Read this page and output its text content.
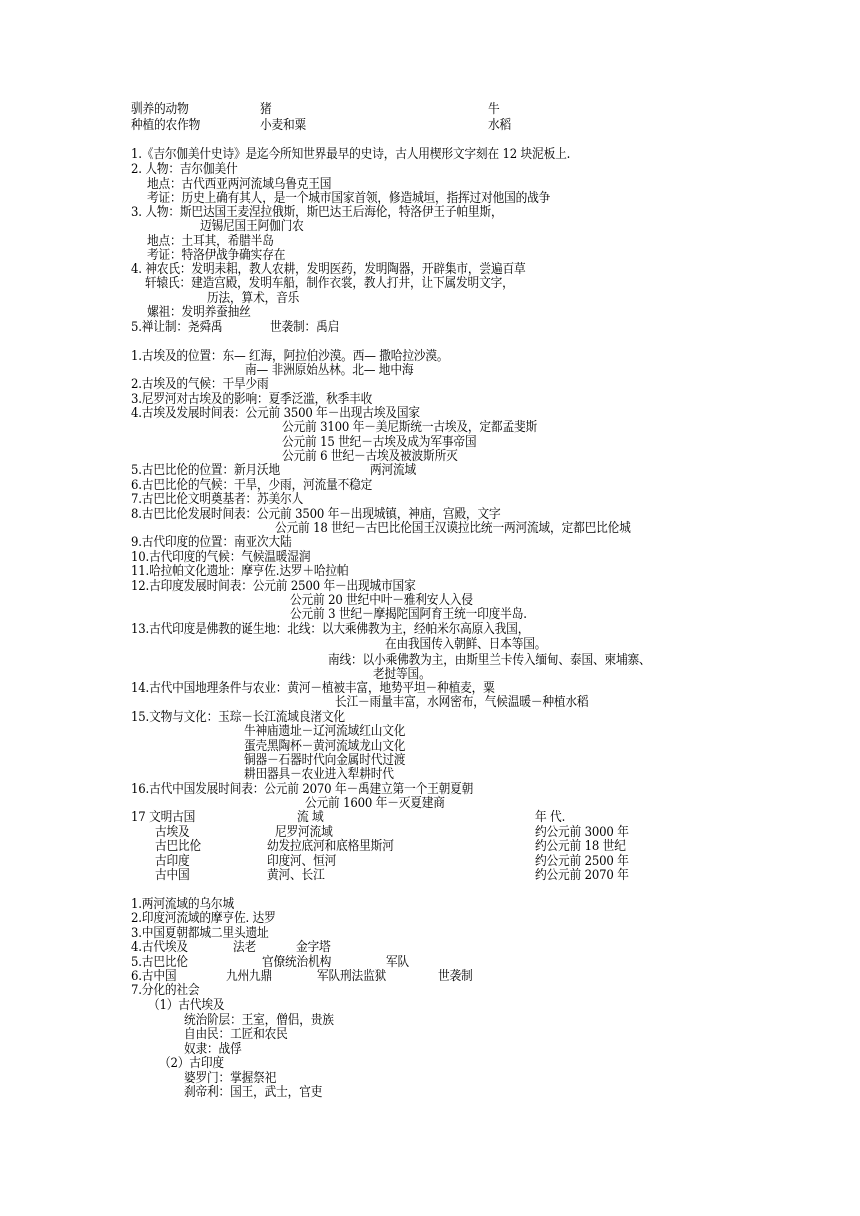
驯养的动物	猪	牛
种植的农作物	小麦和粟	水稻
1.《吉尔伽美什史诗》是迄今所知世界最早的史诗，古人用楔形文字刻在 12 块泥板上.
2. 人物：吉尔伽美什
地点：古代西亚两河流域乌鲁克王国
考证：历史上确有其人，是一个城市国家首领，修造城垣，指挥过对他国的战争
3. 人物：斯巴达国王麦涅拉俄斯，斯巴达王后海伦，特洛伊王子帕里斯，
迈锡尼国王阿伽门农
地点：土耳其，希腊半岛
考证：特洛伊战争确实存在
4. 神农氏：发明耒耜，教人农耕，发明医药，发明陶器，开辟集市，尝遍百草
轩辕氏：建造宫殿，发明车船，制作衣裳，教人打井，让下属发明文字，
历法，算术，音乐
嫘祖：发明养蚕抽丝
5.禅让制：尧舜禹	世袭制：禹启
1.古埃及的位置：东— 红海，阿拉伯沙漠。西— 撒哈拉沙漠。
南— 非洲原始丛林。北— 地中海
2.古埃及的气候：干旱少雨
3.尼罗河对古埃及的影响：夏季泛滥，秋季丰收
4.古埃及发展时间表：公元前 3500 年－出现古埃及国家
公元前 3100 年－美尼斯统一古埃及，定都孟斐斯
公元前 15 世纪－古埃及成为军事帝国
公元前 6 世纪－古埃及被波斯所灭
5.古巴比伦的位置：新月沃地	两河流域
6.古巴比伦的气候：干旱，少雨，河流量不稳定
7.古巴比伦文明奠基者：苏美尔人
8.古巴比伦发展时间表：公元前 3500 年－出现城镇，神庙，宫殿，文字
公元前 18 世纪－古巴比伦国王汉谟拉比统一两河流域，定都巴比伦城
9.古代印度的位置：南亚次大陆
10.古代印度的气候：气候温暖湿润
11.哈拉帕文化遗址：摩亨佐.达罗＋哈拉帕
12.古印度发展时间表：公元前 2500 年－出现城市国家
公元前 20 世纪中叶－雅利安人入侵
公元前 3 世纪－摩揭陀国阿育王统一印度半岛.
13.古代印度是佛教的诞生地：北线：以大乘佛教为主，经帕米尔高原入我国，
在由我国传入朝鲜、日本等国。
南线：以小乘佛教为主，由斯里兰卡传入缅甸、泰国、柬埔寨、
老挝等国。
14.古代中国地理条件与农业：黄河－植被丰富，地势平坦－种植麦，粟
长江－雨量丰富，水网密布，气候温暖－种植水稻
15.文物与文化：玉琮－长江流域良渚文化
牛神庙遗址－辽河流域红山文化
蛋壳黑陶杯－黄河流域龙山文化
铜器－石器时代向金属时代过渡
耕田器具－农业进入犁耕时代
16.古代中国发展时间表：公元前 2070 年－禹建立第一个王朝夏朝
公元前 1600 年－灭夏建商
17 文明古国	流 域	年 代.
古埃及	尼罗河流域	约公元前 3000 年
古巴比伦	幼发拉底河和底格里斯河	约公元前 18 世纪
古印度	印度河、恒河	约公元前 2500 年
古中国	黄河、长江	约公元前 2070 年
1.两河流域的乌尔城
2.印度河流域的摩亨佐. 达罗
3.中国夏朝都城二里头遗址
4.古代埃及	法老	金字塔
5.古巴比伦	官僚统治机构	军队
6.古中国	九州九鼎	军队刑法监狱	世袭制
7.分化的社会
（1）古代埃及
统治阶层：王室，僧侣，贵族
自由民：工匠和农民
奴隶：战俘
（2）古印度
婆罗门：掌握祭祀
刹帝利：国王，武士，官吏
